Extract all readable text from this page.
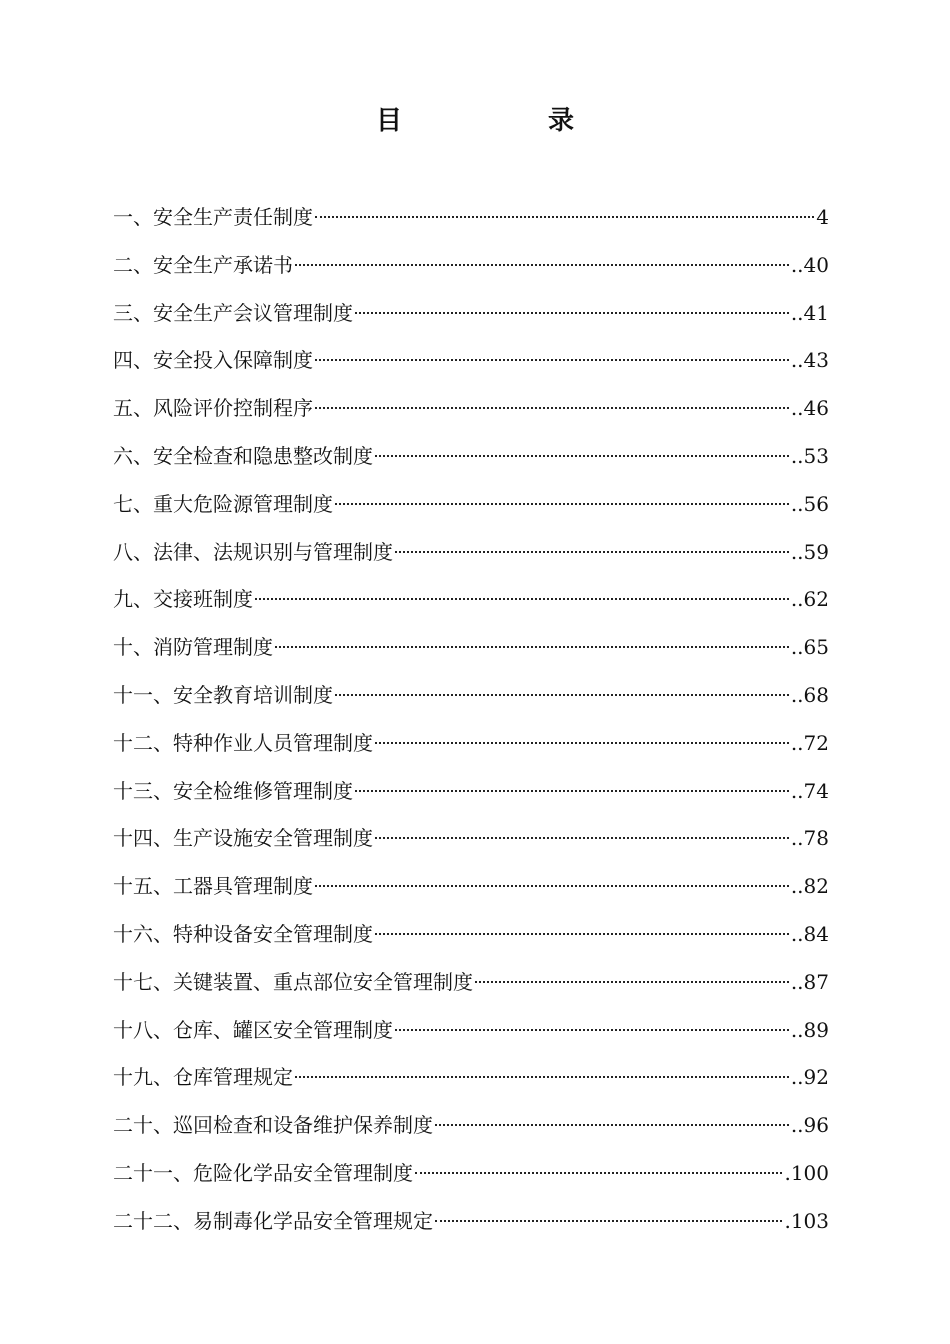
目　录
一、安全生产责任制度	4
二、安全生产承诺书	..40
三、安全生产会议管理制度	..41
四、安全投入保障制度	..43
五、风险评价控制程序	..46
六、安全检查和隐患整改制度	..53
七、重大危险源管理制度	..56
八、法律、法规识别与管理制度	..59
九、交接班制度	..62
十、消防管理制度	..65
十一、安全教育培训制度	..68
十二、特种作业人员管理制度	..72
十三、安全检维修管理制度	..74
十四、生产设施安全管理制度	..78
十五、工器具管理制度	..82
十六、特种设备安全管理制度	..84
十七、关键装置、重点部位安全管理制度	..87
十八、仓库、罐区安全管理制度	..89
十九、仓库管理规定	..92
二十、巡回检查和设备维护保养制度	..96
二十一、危险化学品安全管理制度	.100
二十二、易制毒化学品安全管理规定	.103
